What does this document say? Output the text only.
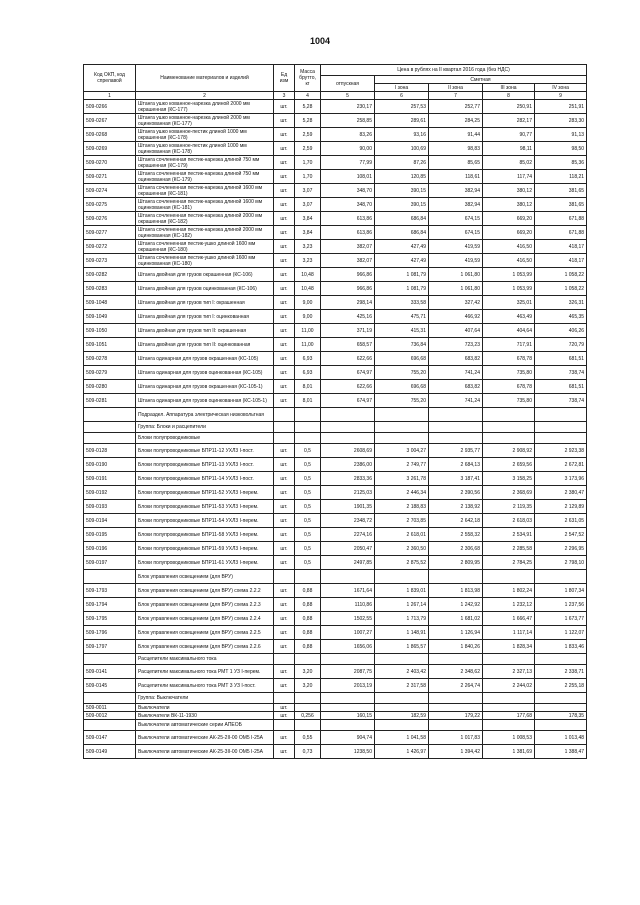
1004
Код ОКП, код спрелавой	Наименование материалов и изделий	Ед изм	Масса брутто, кг	Цена в рублях на II квартал 2016 года (без НДС)				
				отпускная	Сметная			
					I зона	II зона	III зона	IV зона
1	2	3	4	5	6	7	8	9
509-0266	Штанга ушко кованное-нарезка длиной 2000 мм окрашенная (КС-177)	шт.	5,28	230,17	257,53	252,77	250,91	251,91
509-0267	Штанга ушко кованное-нарезка длиной 2000 мм оцинкованная (КС-177)	шт.	5,28	258,85	289,61	284,25	282,17	283,30
509-0268	Штанга ушко кованное-пестик длиной 1000 мм окрашенная (КС-178)	шт.	2,59	83,26	93,16	91,44	90,77	91,13
509-0269	Штанга ушко кованное-пестик длиной 1000 мм оцинкованная (КС-178)	шт.	2,59	90,00	100,69	98,83	98,11	98,50
509-0270	Штанга сочлененная пестик-нарезка длиной 750 мм окрашенная (КС-179)	шт.	1,70	77,99	87,26	85,65	85,02	85,36
509-0271	Штанга сочлененная пестик-нарезка длиной 750 мм оцинкованная (КС-179)	шт.	1,70	108,01	120,85	118,61	117,74	118,21
509-0274	Штанга сочлененная пестик-нарезка длиной 1600 мм окрашенная (КС-181)	шт.	3,07	348,70	390,15	382,94	380,12	381,65
509-0275	Штанга сочлененная пестик-нарезка длиной 1600 мм оцинкованная (КС-181)	шт.	3,07	348,70	390,15	382,94	380,12	381,65
509-0276	Штанга сочлененная пестик-нарезка длиной 2000 мм окрашенная (КС-182)	шт.	3,84	613,86	686,84	674,15	669,20	671,88
509-0277	Штанга сочлененная пестик-нарезка длиной 2000 мм оцинкованная (КС-182)	шт.	3,84	613,86	686,84	674,15	669,20	671,88
509-0272	Штанга сочлененная пестик-ушко длиной 1600 мм окрашенная (КС-180)	шт.	3,23	382,07	427,49	419,59	416,50	418,17
509-0273	Штанга сочлененная пестик-ушко длиной 1600 мм оцинкованная (КС-180)	шт.	3,23	382,07	427,49	419,59	416,50	418,17
509-0282	Штанга двойная для грузов окрашенная (КС-106)	шт.	10,48	966,86	1 081,79	1 061,80	1 053,99	1 058,22
509-0283	Штанга двойная для грузов оцинкованная (КС-106)	шт.	10,48	966,86	1 081,79	1 061,80	1 053,99	1 058,22
509-1048	Штанга двойная для грузов тип I: окрашенная	шт.	9,00	298,14	333,58	327,42	325,01	326,31
509-1049	Штанга двойная для грузов тип I: оцинкованная	шт.	9,00	425,16	475,71	466,92	463,49	465,35
509-1050	Штанга двойная для грузов тип II: окрашенная	шт.	11,00	371,19	415,31	407,64	404,64	406,26
509-1051	Штанга двойная для грузов тип II: оцинкованная	шт.	11,00	658,57	736,84	723,23	717,91	720,79
509-0278	Штанга одинарная для грузов окрашенная (КС-105)	шт.	6,93	622,66	696,68	683,82	678,78	681,51
509-0279	Штанга одинарная для грузов оцинкованная (КС-105)	шт.	6,93	674,97	755,20	741,24	735,80	738,74
509-0280	Штанга одинарная для грузов окрашенная (КС-105-1)	шт.	8,01	622,66	696,68	683,82	678,78	681,51
509-0281	Штанга одинарная для грузов оцинкованная (КС-105-1)	шт.	8,01	674,97	755,20	741,24	735,80	738,74
	Подраздел. Аппаратура электрическая низковольтная							
	Группа: Блоки и расцепители							
	Блоки полупроводниковые							
509-0128	Блоки полупроводниковые БПР11-12 УХЛ3 I-пост.	шт.	0,5	2608,69	3 004,27	2 935,77	2 908,92	2 923,38
509-0190	Блоки полупроводниковые БПР11-13 УХЛ3 I-пост.	шт.	0,5	2386,00	2 749,77	2 684,13	2 659,56	2 672,81
509-0191	Блоки полупроводниковые БПР11-14 УХЛ3 I-пост.	шт.	0,5	2833,36	3 261,78	3 187,41	3 158,25	3 173,96
509-0192	Блоки полупроводниковые БПР11-52 УХЛ3 I-перем.	шт.	0,5	2125,03	2 446,34	2 390,56	2 368,69	2 380,47
509-0193	Блоки полупроводниковые БПР11-53 УХЛ3 I-перем.	шт.	0,5	1901,35	2 188,83	2 138,92	2 119,35	2 129,89
509-0194	Блоки полупроводниковые БПР11-54 УХЛ3 I-перем.	шт.	0,5	2348,72	2 703,85	2 642,18	2 618,03	2 631,05
509-0195	Блоки полупроводниковые БПР11-58 УХЛ3 I-перем.	шт.	0,5	2274,16	2 618,01	2 558,32	2 534,91	2 547,52
509-0196	Блоки полупроводниковые БПР11-59 УХЛ3 I-перем.	шт.	0,5	2050,47	2 360,50	2 306,68	2 285,58	2 296,95
509-0197	Блоки полупроводниковые БПР11-61 УХЛ3 I-перем.	шт.	0,5	2497,85	2 875,52	2 809,95	2 784,25	2 798,10
	Блок управления освещением (для ВРУ)							
509-1793	Блок управления освещением (для ВРУ) схема 2.2.2	шт.	0,88	1671,64	1 839,01	1 813,98	1 802,24	1 807,34
509-1794	Блок управления освещением (для ВРУ) схема 2.2.3	шт.	0,88	1110,86	1 267,14	1 242,92	1 232,12	1 237,56
509-1795	Блок управления освещением (для ВРУ) схема 2.2.4	шт.	0,88	1502,55	1 713,79	1 681,02	1 666,47	1 673,77
509-1796	Блок управления освещением (для ВРУ) схема 2.2.5	шт.	0,88	1007,27	1 148,91	1 126,94	1 117,14	1 122,07
509-1797	Блок управления освещением (для ВРУ) схема 2.2.6	шт.	0,88	1656,06	1 865,57	1 840,26	1 828,34	1 833,46
	Расцепители максимального тока							
509-0141	Расцепители максимального тока РМТ 1 УЗ I-перем.	шт.	3,20	2087,75	2 403,42	2 348,62	2 327,13	2 338,71
509-0145	Расцепители максимального тока РМТ 3 УЗ I-пост.	шт.	3,20	2013,19	2 317,58	2 264,74	2 244,02	2 255,18
	Группа: Выключатели							
509-0011	Выключатели	шт.						
509-0012	Выключатели ВК-11-1930	шт.	0,256	160,15	182,59	179,22	177,68	178,35
	Выключатели автоматические серии АПЕОБ							
509-0147	Выключатели автоматические АК-25-2II-00 ОМ5 I-25А	шт.	0,55	904,74	1 041,58	1 017,83	1 008,53	1 013,48
509-0149	Выключатели автоматические АК-25-3II-00 ОМ5 I-25А	шт.	0,73	1238,50	1 426,97	1 394,42	1 381,69	1 388,47
